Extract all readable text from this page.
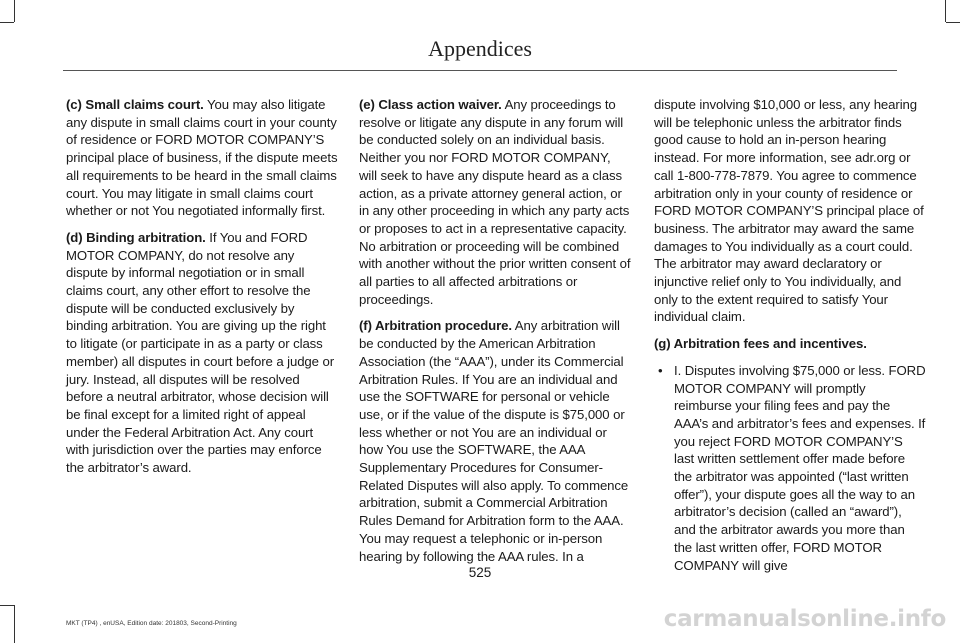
Appendices

(c) Small claims court. You may also litigate any dispute in small claims court in your county of residence or FORD MOTOR COMPANY’S principal place of business, if the dispute meets all requirements to be heard in the small claims court. You may litigate in small claims court whether or not You negotiated informally first.

(d) Binding arbitration. If You and FORD MOTOR COMPANY, do not resolve any dispute by informal negotiation or in small claims court, any other effort to resolve the dispute will be conducted exclusively by binding arbitration. You are giving up the right to litigate (or participate in as a party or class member) all disputes in court before a judge or jury. Instead, all disputes will be resolved before a neutral arbitrator, whose decision will be final except for a limited right of appeal under the Federal Arbitration Act. Any court with jurisdiction over the parties may enforce the arbitrator’s award.

(e) Class action waiver. Any proceedings to resolve or litigate any dispute in any forum will be conducted solely on an individual basis. Neither you nor FORD MOTOR COMPANY, will seek to have any dispute heard as a class action, as a private attorney general action, or in any other proceeding in which any party acts or proposes to act in a representative capacity. No arbitration or proceeding will be combined with another without the prior written consent of all parties to all affected arbitrations or proceedings.

(f) Arbitration procedure. Any arbitration will be conducted by the American Arbitration Association (the “AAA”), under its Commercial Arbitration Rules. If You are an individual and use the SOFTWARE for personal or vehicle use, or if the value of the dispute is $75,000 or less whether or not You are an individual or how You use the SOFTWARE, the AAA Supplementary Procedures for Consumer-Related Disputes will also apply. To commence arbitration, submit a Commercial Arbitration Rules Demand for Arbitration form to the AAA. You may request a telephonic or in-person hearing by following the AAA rules. In a

dispute involving $10,000 or less, any hearing will be telephonic unless the arbitrator finds good cause to hold an in-person hearing instead. For more information, see adr.org or call 1-800-778-7879. You agree to commence arbitration only in your county of residence or FORD MOTOR COMPANY’S principal place of business. The arbitrator may award the same damages to You individually as a court could. The arbitrator may award declaratory or injunctive relief only to You individually, and only to the extent required to satisfy Your individual claim.

(g) Arbitration fees and incentives.

• I. Disputes involving $75,000 or less. FORD MOTOR COMPANY will promptly reimburse your filing fees and pay the AAA’s and arbitrator’s fees and expenses. If you reject FORD MOTOR COMPANY’S last written settlement offer made before the arbitrator was appointed (“last written offer”), your dispute goes all the way to an arbitrator’s decision (called an “award”), and the arbitrator awards you more than the last written offer, FORD MOTOR COMPANY will give
525
MKT (TP4) , enUSA, Edition date: 201803, Second-Printing	carmanualsonline.info
